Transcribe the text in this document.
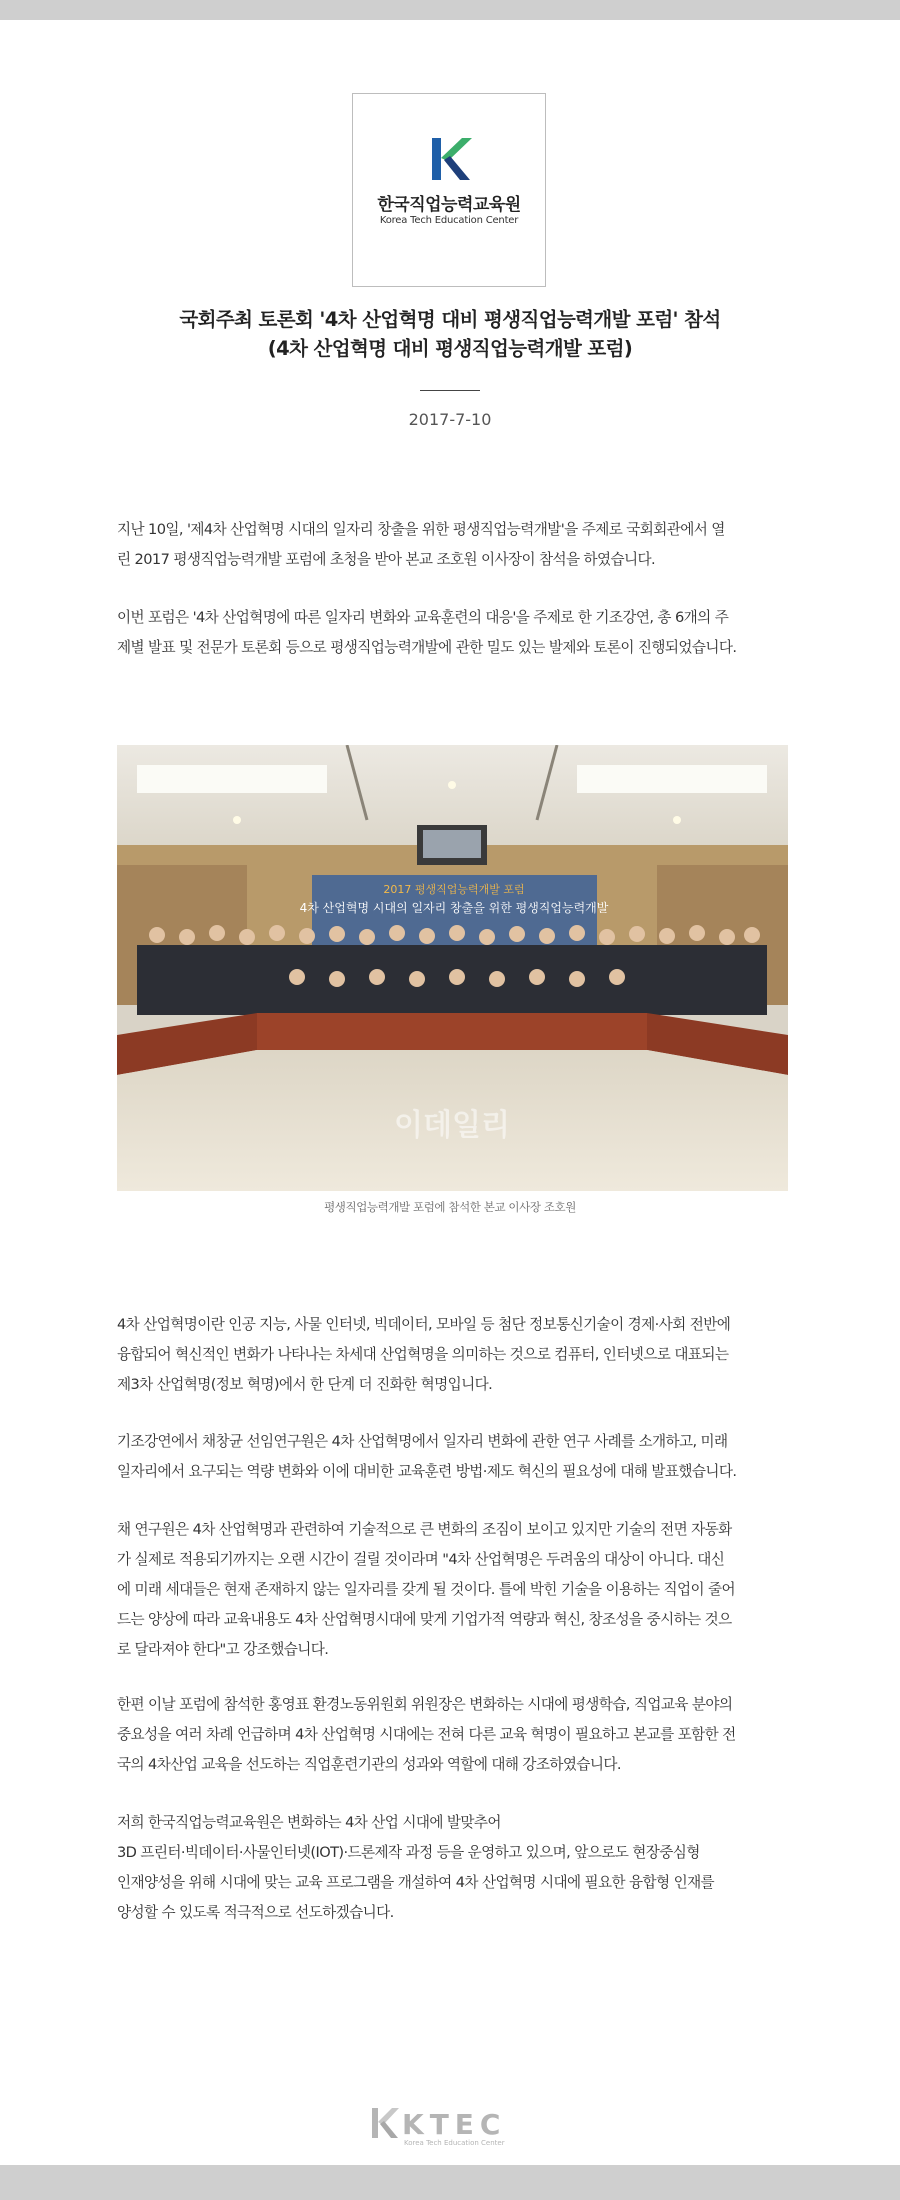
한국직업능력교육원
Korea Tech Education Center
국회주최 토론회 '4차 산업혁명 대비 평생직업능력개발 포럼' 참석
(4차 산업혁명 대비 평생직업능력개발 포럼)
2017-7-10

지난 10일, '제4차 산업혁명 시대의 일자리 창출을 위한 평생직업능력개발'을 주제로 국회회관에서 열
린 2017 평생직업능력개발 포럼에 초청을 받아 본교 조호원 이사장이 참석을 하였습니다.

이번 포럼은 '4차 산업혁명에 따른 일자리 변화와 교육훈련의 대응'을 주제로 한 기조강연, 총 6개의 주
제별 발표 및 전문가 토론회 등으로 평생직업능력개발에 관한 밀도 있는 발제와 토론이 진행되었습니다.

2017 평생직업능력개발 포럼
4차 산업혁명 시대의 일자리 창출을 위한 평생직업능력개발
이데일리
평생직업능력개발 포럼에 참석한 본교 이사장 조호원

4차 산업혁명이란 인공 지능, 사물 인터넷, 빅데이터, 모바일 등 첨단 정보통신기술이 경제·사회 전반에
융합되어 혁신적인 변화가 나타나는 차세대 산업혁명을 의미하는 것으로 컴퓨터, 인터넷으로 대표되는
제3차 산업혁명(정보 혁명)에서 한 단계 더 진화한 혁명입니다.

기조강연에서 채창균 선임연구원은 4차 산업혁명에서 일자리 변화에 관한 연구 사례를 소개하고, 미래
일자리에서 요구되는 역량 변화와 이에 대비한 교육훈련 방법·제도 혁신의 필요성에 대해 발표했습니다.

채 연구원은 4차 산업혁명과 관련하여 기술적으로 큰 변화의 조짐이 보이고 있지만 기술의 전면 자동화
가 실제로 적용되기까지는 오랜 시간이 걸릴 것이라며 "4차 산업혁명은 두려움의 대상이 아니다. 대신
에 미래 세대들은 현재 존재하지 않는 일자리를 갖게 될 것이다. 틀에 박힌 기술을 이용하는 직업이 줄어
드는 양상에 따라 교육내용도 4차 산업혁명시대에 맞게 기업가적 역량과 혁신, 창조성을 중시하는 것으
로 달라져야 한다"고 강조했습니다.

한편 이날 포럼에 참석한 홍영표 환경노동위원회 위원장은 변화하는 시대에 평생학습, 직업교육 분야의
중요성을 여러 차례 언급하며 4차 산업혁명 시대에는 전혀 다른 교육 혁명이 필요하고 본교를 포함한 전
국의 4차산업 교육을 선도하는 직업훈련기관의 성과와 역할에 대해 강조하였습니다.

저희 한국직업능력교육원은 변화하는 4차 산업 시대에 발맞추어
3D 프린터·빅데이터·사물인터넷(IOT)·드론제작 과정 등을 운영하고 있으며, 앞으로도 현장중심형
인재양성을 위해 시대에 맞는 교육 프로그램을 개설하여 4차 산업혁명 시대에 필요한 융합형 인재를
양성할 수 있도록 적극적으로 선도하겠습니다.

KTEC
Korea Tech Education Center
